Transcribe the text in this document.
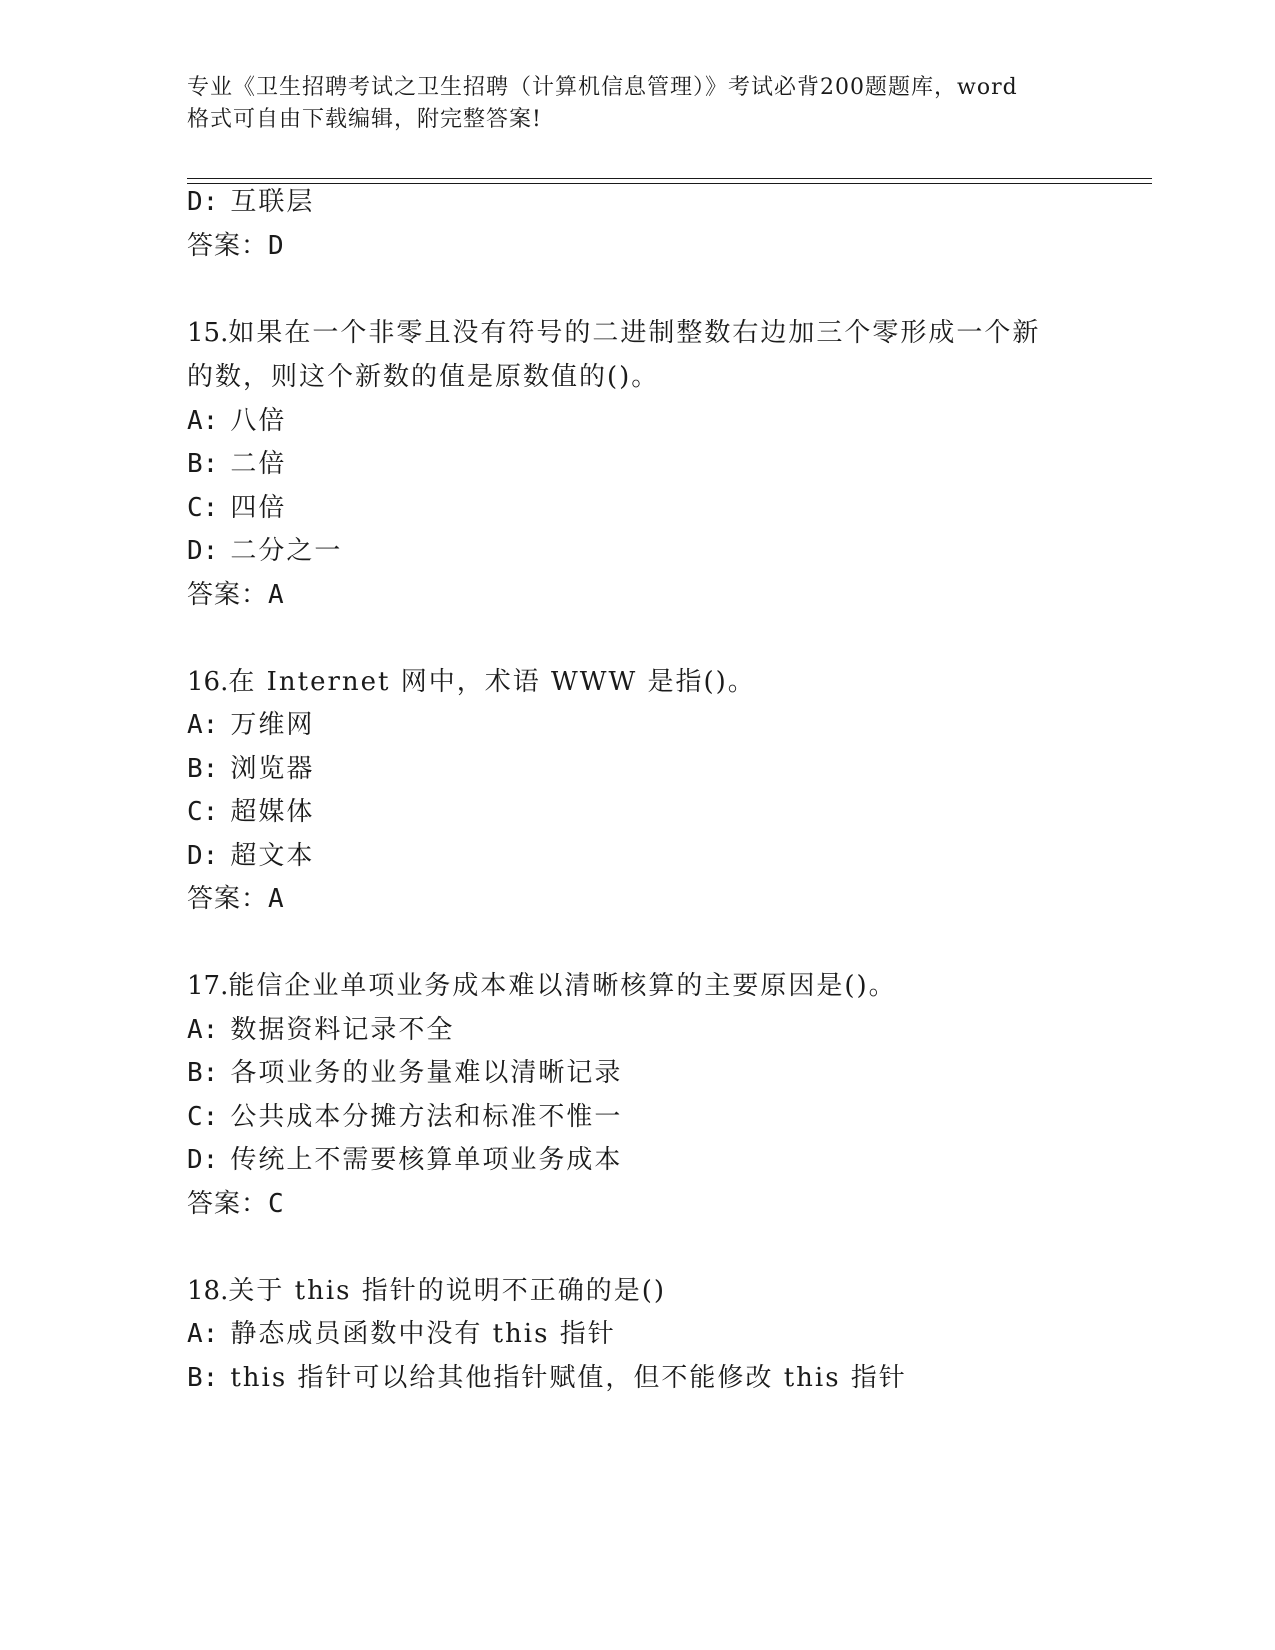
专业《卫生招聘考试之卫生招聘（计算机信息管理）》考试必背200题题库，word
格式可自由下载编辑，附完整答案!
D: 互联层
答案：D
15.如果在一个非零且没有符号的二进制整数右边加三个零形成一个新
的数，则这个新数的值是原数值的()。
A: 八倍
B: 二倍
C: 四倍
D: 二分之一
答案：A
16.在 Internet 网中，术语 WWW 是指()。
A: 万维网
B: 浏览器
C: 超媒体
D: 超文本
答案：A
17.能信企业单项业务成本难以清晰核算的主要原因是()。
A: 数据资料记录不全
B: 各项业务的业务量难以清晰记录
C: 公共成本分摊方法和标准不惟一
D: 传统上不需要核算单项业务成本
答案：C
18.关于 this 指针的说明不正确的是()
A: 静态成员函数中没有 this 指针
B: this 指针可以给其他指针赋值，但不能修改 this 指针
